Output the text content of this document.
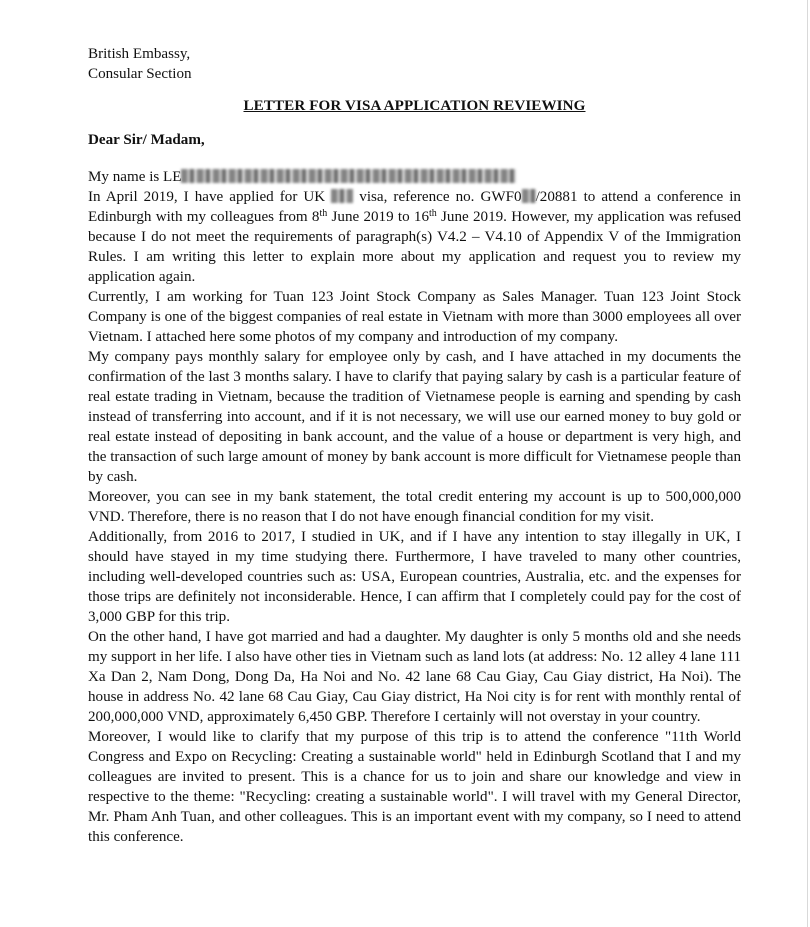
British Embassy,
Consular Section
LETTER FOR VISA APPLICATION REVIEWING
Dear Sir/ Madam,

My name is LE

In April 2019, I have applied for UK visa, reference no. GWF0 /20881 to attend a conference in Edinburgh with my colleagues from 8th June 2019 to 16th June 2019. However, my application was refused because I do not meet the requirements of paragraph(s) V4.2 – V4.10 of Appendix V of the Immigration Rules. I am writing this letter to explain more about my application and request you to review my application again.

Currently, I am working for Tuan 123 Joint Stock Company as Sales Manager. Tuan 123 Joint Stock Company is one of the biggest companies of real estate in Vietnam with more than 3000 employees all over Vietnam. I attached here some photos of my company and introduction of my company.

My company pays monthly salary for employee only by cash, and I have attached in my documents the confirmation of the last 3 months salary. I have to clarify that paying salary by cash is a particular feature of real estate trading in Vietnam, because the tradition of Vietnamese people is earning and spending by cash instead of transferring into account, and if it is not necessary, we will use our earned money to buy gold or real estate instead of depositing in bank account, and the value of a house or department is very high, and the transaction of such large amount of money by bank account is more difficult for Vietnamese people than by cash.

Moreover, you can see in my bank statement, the total credit entering my account is up to 500,000,000 VND. Therefore, there is no reason that I do not have enough financial condition for my visit.

Additionally, from 2016 to 2017, I studied in UK, and if I have any intention to stay illegally in UK, I should have stayed in my time studying there. Furthermore, I have traveled to many other countries, including well-developed countries such as: USA, European countries, Australia, etc. and the expenses for those trips are definitely not inconsiderable. Hence, I can affirm that I completely could pay for the cost of 3,000 GBP for this trip.

On the other hand, I have got married and had a daughter. My daughter is only 5 months old and she needs my support in her life. I also have other ties in Vietnam such as land lots (at address: No. 12 alley 4 lane 111 Xa Dan 2, Nam Dong, Dong Da, Ha Noi and No. 42 lane 68 Cau Giay, Cau Giay district, Ha Noi). The house in address No. 42 lane 68 Cau Giay, Cau Giay district, Ha Noi city is for rent with monthly rental of 200,000,000 VND, approximately 6,450 GBP. Therefore I certainly will not overstay in your country.

Moreover, I would like to clarify that my purpose of this trip is to attend the conference "11th World Congress and Expo on Recycling: Creating a sustainable world" held in Edinburgh Scotland that I and my colleagues are invited to present. This is a chance for us to join and share our knowledge and view in respective to the theme: "Recycling: creating a sustainable world". I will travel with my General Director, Mr. Pham Anh Tuan, and other colleagues. This is an important event with my company, so I need to attend this conference.
